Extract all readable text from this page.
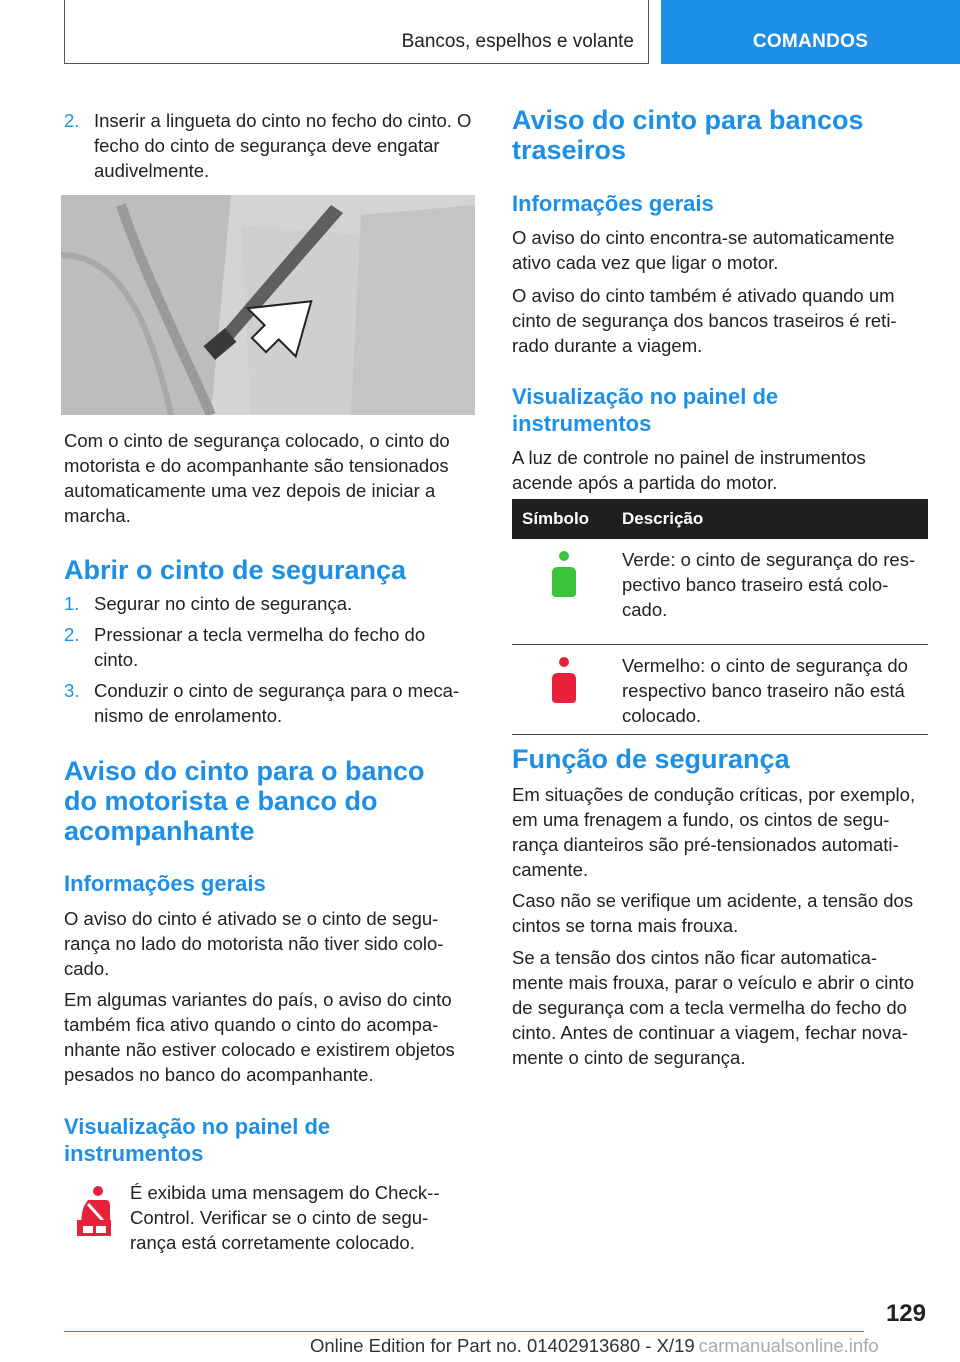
Bancos, espelhos e volante	COMANDOS
2. Inserir a lingueta do cinto no fecho do cinto. O fecho do cinto de segurança deve engatar audivelmente.

Com o cinto de segurança colocado, o cinto do motorista e do acompanhante são tensionados automaticamente uma vez depois de iniciar a marcha.

Abrir o cinto de segurança
1. Segurar no cinto de segurança.
2. Pressionar a tecla vermelha do fecho do cinto.
3. Conduzir o cinto de segurança para o meca-nismo de enrolamento.
Aviso do cinto para o banco do motorista e banco do acompanhante
Informações gerais

O aviso do cinto é ativado se o cinto de segu-rança no lado do motorista não tiver sido colo-cado.

Em algumas variantes do país, o aviso do cinto também fica ativo quando o cinto do acompa-nhante não estiver colocado e existirem objetos pesados no banco do acompanhante.

Visualização no painel de instrumentos

É exibida uma mensagem do Check--Control. Verificar se o cinto de segu-rança está corretamente colocado.

Aviso do cinto para bancos traseiros
Informações gerais

O aviso do cinto encontra-se automaticamente ativo cada vez que ligar o motor.

O aviso do cinto também é ativado quando um cinto de segurança dos bancos traseiros é reti-rado durante a viagem.

Visualização no painel de instrumentos

A luz de controle no painel de instrumentos acende após a partida do motor.

Símbolo	Descrição
	Verde: o cinto de segurança do res-pectivo banco traseiro está colo-cado.
	Vermelho: o cinto de segurança do respectivo banco traseiro não está colocado.
Função de segurança

Em situações de condução críticas, por exemplo, em uma frenagem a fundo, os cintos de segu-rança dianteiros são pré-tensionados automati-camente.

Caso não se verifique um acidente, a tensão dos cintos se torna mais frouxa.

Se a tensão dos cintos não ficar automatica-mente mais frouxa, parar o veículo e abrir o cinto de segurança com a tecla vermelha do fecho do cinto. Antes de continuar a viagem, fechar nova-mente o cinto de segurança.

129
Online Edition for Part no. 01402913680 - X/19 carmanualsonline.info
